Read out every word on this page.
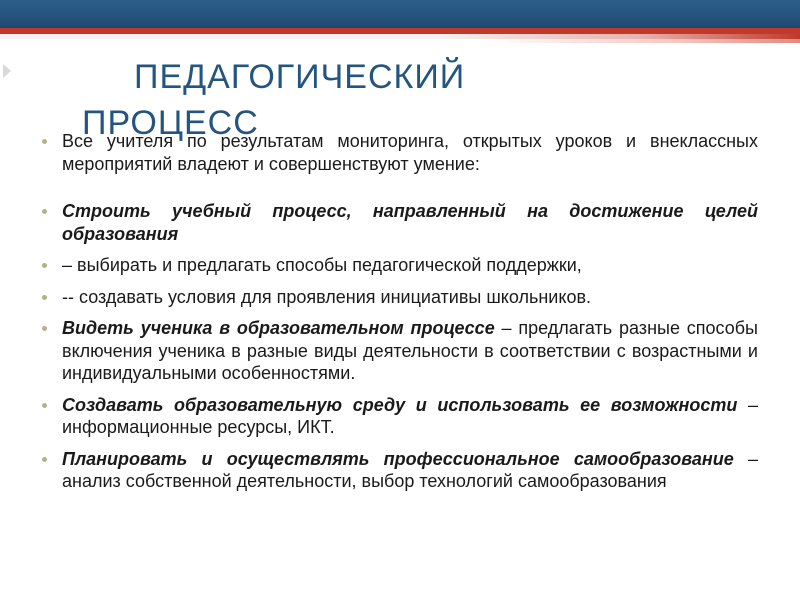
ПЕДАГОГИЧЕСКИЙ
ПРОЦЕСС
Все учителя по результатам мониторинга, открытых уроков и внеклассных мероприятий владеют и совершенствуют умение:
Строить учебный процесс, направленный на достижение целей образования
– выбирать и предлагать способы педагогической поддержки,
-- создавать условия для проявления инициативы школьников.
Видеть ученика в образовательном процессе – предлагать разные способы включения ученика в разные виды деятельности в соответствии с возрастными и индивидуальными особенностями.
Создавать образовательную среду и использовать ее возможности – информационные ресурсы, ИКТ.
Планировать и осуществлять профессиональное самообразование – анализ собственной деятельности, выбор технологий самообразования
